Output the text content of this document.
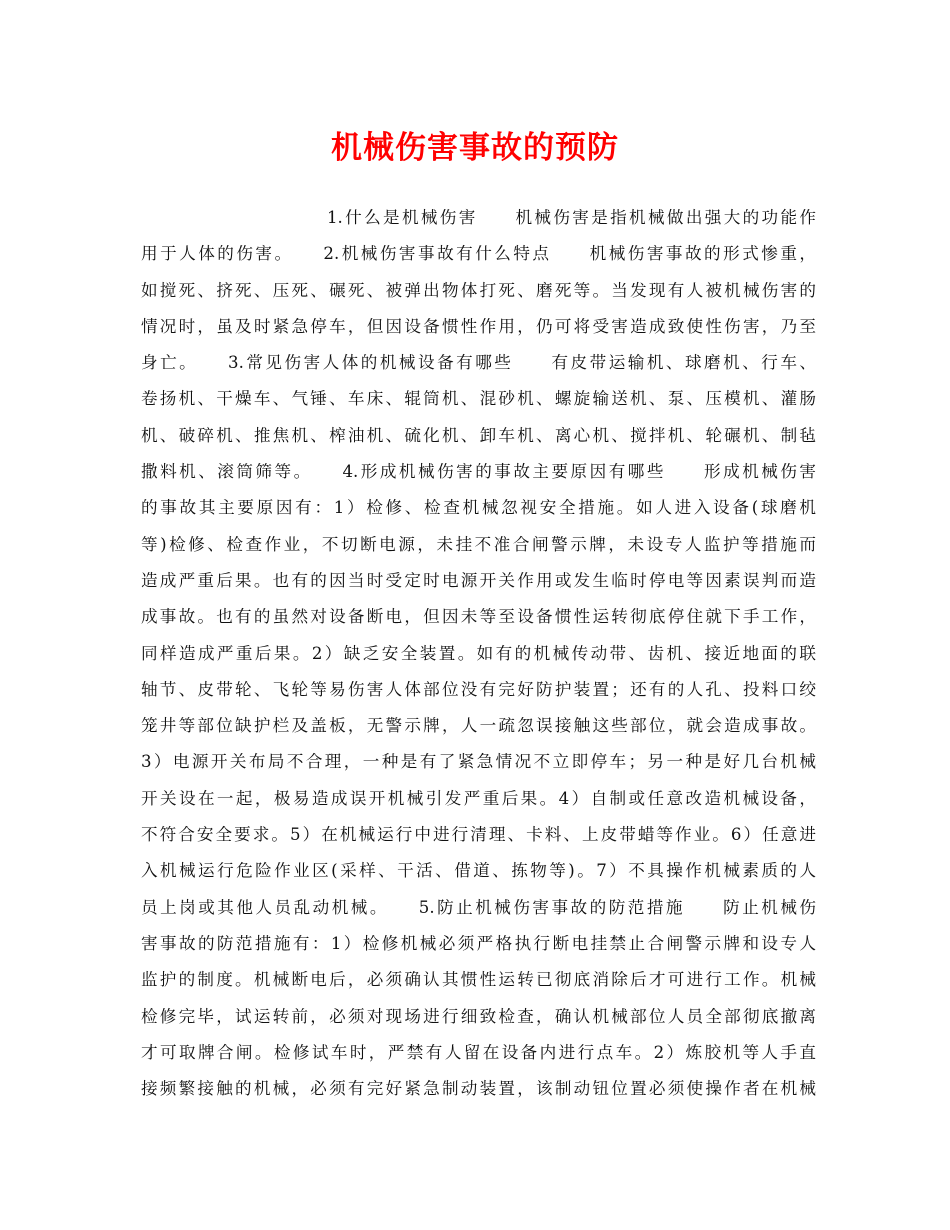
机械伤害事故的预防
1.什么是机械伤害　　机械伤害是指机械做出强大的功能作
用于人体的伤害。　　2.机械伤害事故有什么特点　　机械伤害事故的形式惨重，
如搅死、挤死、压死、碾死、被弹出物体打死、磨死等。当发现有人被机械伤害的
情况时，虽及时紧急停车，但因设备惯性作用，仍可将受害造成致使性伤害，乃至
身亡。　　3.常见伤害人体的机械设备有哪些　　有皮带运输机、球磨机、行车、
卷扬机、干燥车、气锤、车床、辊筒机、混砂机、螺旋输送机、泵、压模机、灌肠
机、破碎机、推焦机、榨油机、硫化机、卸车机、离心机、搅拌机、轮碾机、制毡
撒料机、滚筒筛等。　　4.形成机械伤害的事故主要原因有哪些　　形成机械伤害
的事故其主要原因有：1）检修、检查机械忽视安全措施。如人进入设备(球磨机
等)检修、检查作业，不切断电源，未挂不准合闸警示牌，未设专人监护等措施而
造成严重后果。也有的因当时受定时电源开关作用或发生临时停电等因素误判而造
成事故。也有的虽然对设备断电，但因未等至设备惯性运转彻底停住就下手工作，
同样造成严重后果。2）缺乏安全装置。如有的机械传动带、齿机、接近地面的联
轴节、皮带轮、飞轮等易伤害人体部位没有完好防护装置；还有的人孔、投料口绞
笼井等部位缺护栏及盖板，无警示牌，人一疏忽误接触这些部位，就会造成事故。
3）电源开关布局不合理，一种是有了紧急情况不立即停车；另一种是好几台机械
开关设在一起，极易造成误开机械引发严重后果。4）自制或任意改造机械设备，
不符合安全要求。5）在机械运行中进行清理、卡料、上皮带蜡等作业。6）任意进
入机械运行危险作业区(采样、干活、借道、拣物等)。7）不具操作机械素质的人
员上岗或其他人员乱动机械。　　5.防止机械伤害事故的防范措施　　防止机械伤
害事故的防范措施有：1）检修机械必须严格执行断电挂禁止合闸警示牌和设专人
监护的制度。机械断电后，必须确认其惯性运转已彻底消除后才可进行工作。机械
检修完毕，试运转前，必须对现场进行细致检查，确认机械部位人员全部彻底撤离
才可取牌合闸。检修试车时，严禁有人留在设备内进行点车。2）炼胶机等人手直
接频繁接触的机械，必须有完好紧急制动装置，该制动钮位置必须使操作者在机械
